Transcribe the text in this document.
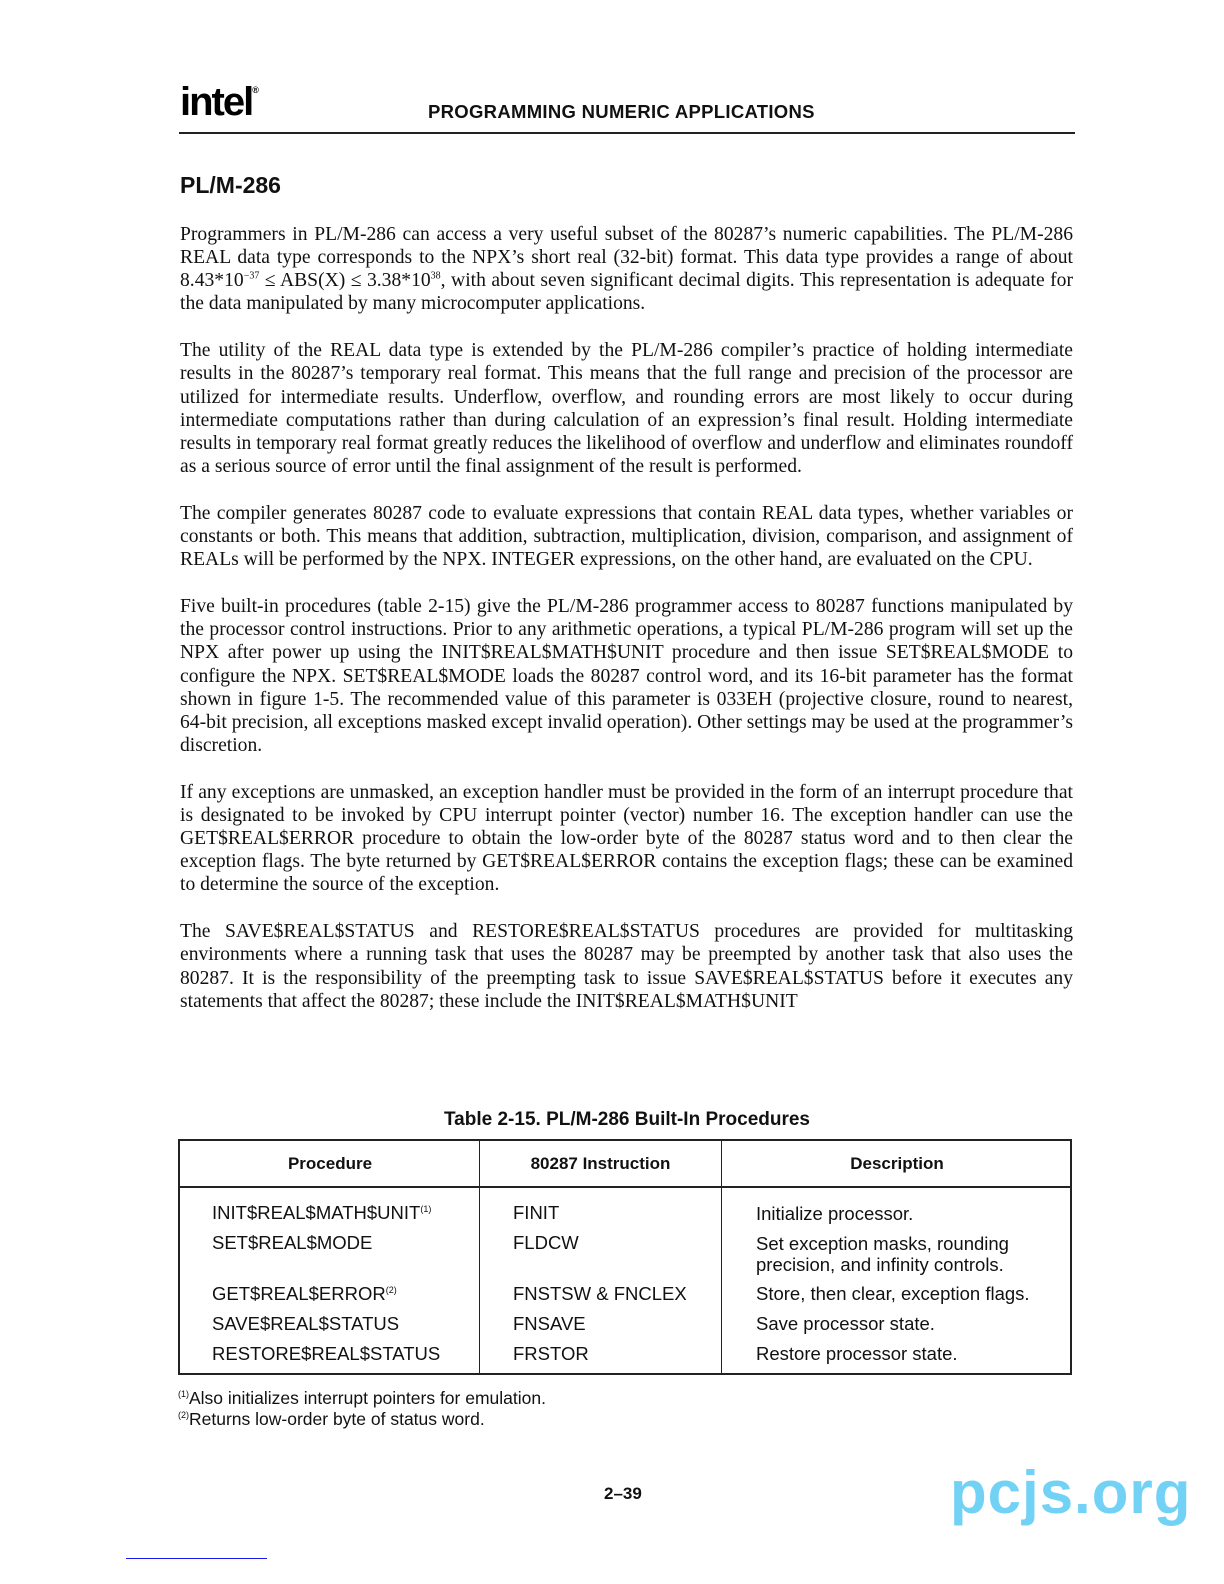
intel®
PROGRAMMING NUMERIC APPLICATIONS
PL/M-286

Programmers in PL/M-286 can access a very useful subset of the 80287’s numeric capabilities. The PL/M-286 REAL data type corresponds to the NPX’s short real (32-bit) format. This data type provides a range of about $8.43*10^{-37} \le ABS(X) \le 3.38*10^{38}$, with about seven significant decimal digits. This representation is adequate for the data manipulated by many microcomputer applications.

The utility of the REAL data type is extended by the PL/M-286 compiler’s practice of holding intermediate results in the 80287’s temporary real format. This means that the full range and precision of the processor are utilized for intermediate results. Underflow, overflow, and rounding errors are most likely to occur during intermediate computations rather than during calculation of an expression’s final result. Holding intermediate results in temporary real format greatly reduces the likelihood of overflow and underflow and eliminates roundoff as a serious source of error until the final assignment of the result is performed.

The compiler generates 80287 code to evaluate expressions that contain REAL data types, whether variables or constants or both. This means that addition, subtraction, multiplication, division, comparison, and assignment of REALs will be performed by the NPX. INTEGER expressions, on the other hand, are evaluated on the CPU.

Five built-in procedures (table 2-15) give the PL/M-286 programmer access to 80287 functions manipulated by the processor control instructions. Prior to any arithmetic operations, a typical PL/M-286 program will set up the NPX after power up using the INIT$REAL$MATH$UNIT procedure and then issue SET$REAL$MODE to configure the NPX. SET$REAL$MODE loads the 80287 control word, and its 16-bit parameter has the format shown in figure 1-5. The recommended value of this parameter is 033EH (projective closure, round to nearest, 64-bit precision, all exceptions masked except invalid operation). Other settings may be used at the programmer’s discretion.

If any exceptions are unmasked, an exception handler must be provided in the form of an interrupt procedure that is designated to be invoked by CPU interrupt pointer (vector) number 16. The exception handler can use the GET$REAL$ERROR procedure to obtain the low-order byte of the 80287 status word and to then clear the exception flags. The byte returned by GET$REAL$ERROR contains the exception flags; these can be examined to determine the source of the exception.

The SAVE$REAL$STATUS and RESTORE$REAL$STATUS procedures are provided for multitasking environments where a running task that uses the 80287 may be preempted by another task that also uses the 80287. It is the responsibility of the preempting task to issue SAVE$REAL$STATUS before it executes any statements that affect the 80287; these include the INIT$REAL$MATH$UNIT

Table 2-15. PL/M-286 Built-In Procedures
Procedure	80287 Instruction	Description
INIT$REAL$MATH$UNIT$^{(1)}$	FINIT	Initialize processor.
SET$REAL$MODE	FLDCW	Set exception masks, rounding precision, and infinity controls.
GET$REAL$ERROR$^{(2)}$	FNSTSW & FNCLEX	Store, then clear, exception flags.
SAVE$REAL$STATUS	FNSAVE	Save processor state.
RESTORE$REAL$STATUS	FRSTOR	Restore processor state.
$^{(1)}$Also initializes interrupt pointers for emulation.
$^{(2)}$Returns low-order byte of status word.
2–39	pcjs.org
